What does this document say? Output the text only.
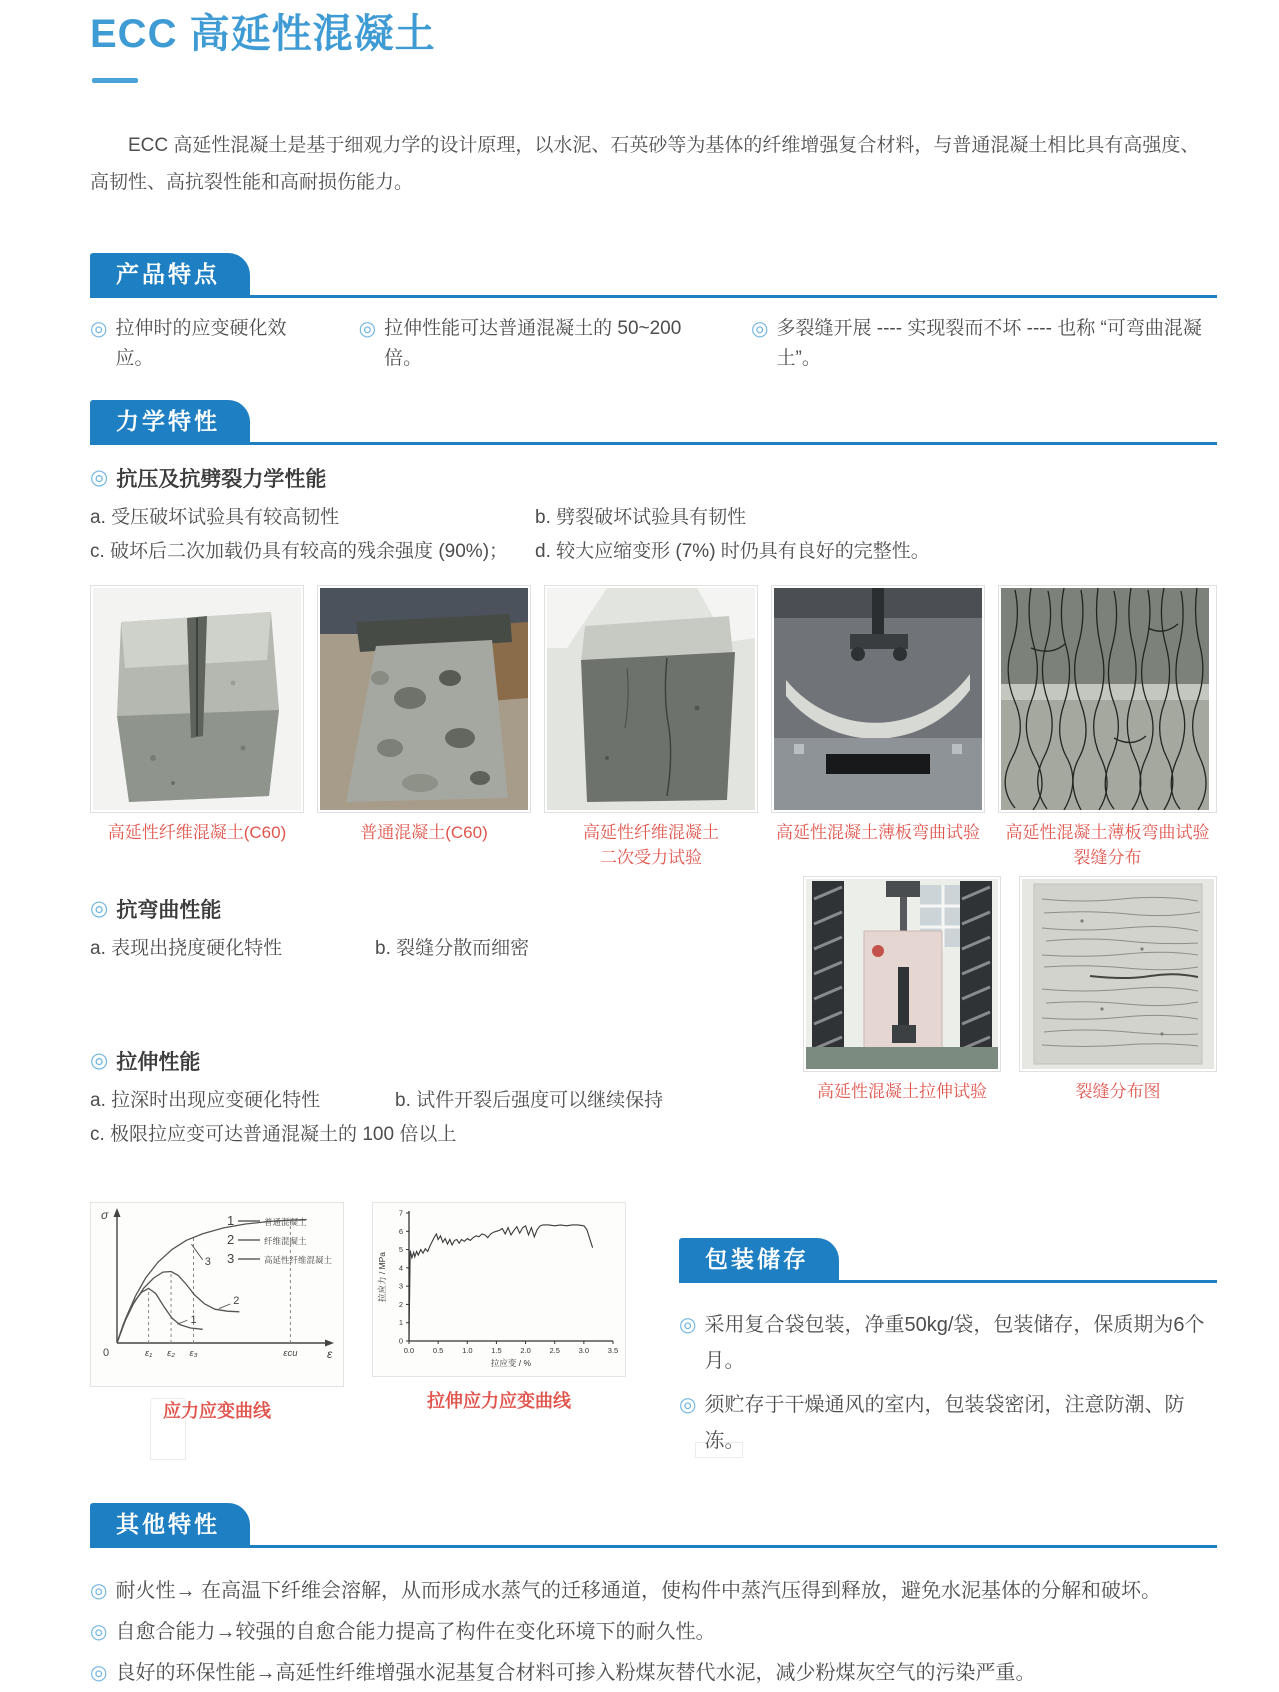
ECC 高延性混凝土

ECC 高延性混凝土是基于细观力学的设计原理，以水泥、石英砂等为基体的纤维增强复合材料，与普通混凝土相比具有高强度、高韧性、高抗裂性能和高耐损伤能力。

产品特点
◎ 拉伸时的应变硬化效应。
◎ 拉伸性能可达普通混凝土的 50~200 倍。
◎ 多裂缝开展 ---- 实现裂而不坏 ---- 也称 “可弯曲混凝土”。
力学特性
◎ 抗压及抗劈裂力学性能
a. 受压破坏试验具有较高韧性	b. 劈裂破坏试验具有韧性
c. 破坏后二次加载仍具有较高的残余强度 (90%)；	d. 较大应缩变形 (7%) 时仍具有良好的完整性。
高延性纤维混凝土(C60)	普通混凝土(C60)	高延性纤维混凝土
二次受力试验
高延性混凝土薄板弯曲试验	高延性混凝土薄板弯曲试验裂缝分布
◎ 抗弯曲性能
a. 表现出挠度硬化特性	b. 裂缝分散而细密
◎ 拉伸性能
a. 拉深时出现应变硬化特性	b. 试件开裂后强度可以继续保持
c. 极限拉应变可达普通混凝土的 100 倍以上
高延性混凝土拉伸试验	裂缝分布图
σ
ε
0	ε₁ ε₂ ε₃	εcu
1
2
3
1	普通混凝土
2	纤维混凝土
3	高延性纤维混凝土
应力应变曲线
0
1
2
3
4
5
6
7
0.0 0.5 1.0 1.5 2.0 2.5 3.0 3.5
拉应力 / MPa
拉应变 / %
拉伸应力应变曲线
包装储存
◎ 采用复合袋包装，净重50kg/袋，包装储存，保质期为6个月。
◎ 须贮存于干燥通风的室内，包装袋密闭，注意防潮、防冻。
其他特性
◎ 耐火性→ 在高温下纤维会溶解，从而形成水蒸气的迁移通道，使构件中蒸汽压得到释放，避免水泥基体的分解和破坏。
◎ 自愈合能力→较强的自愈合能力提高了构件在变化环境下的耐久性。
◎ 良好的环保性能→高延性纤维增强水泥基复合材料可掺入粉煤灰替代水泥，减少粉煤灰空气的污染严重。
